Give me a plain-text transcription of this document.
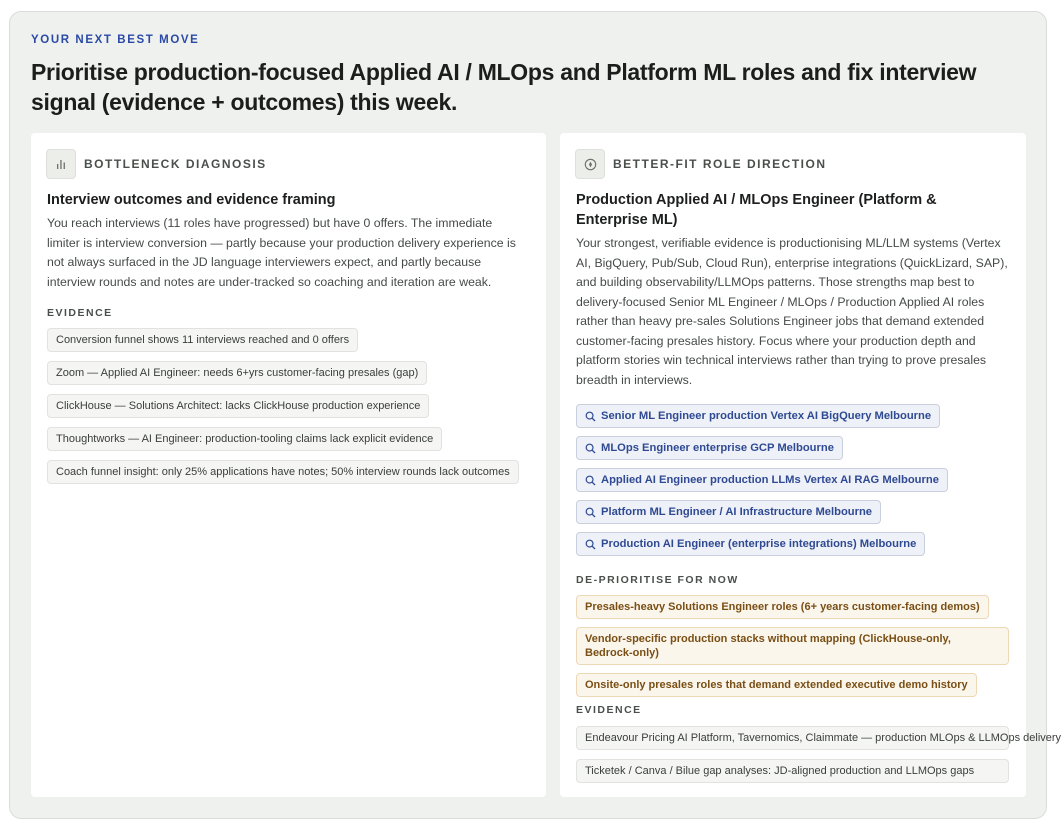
YOUR NEXT BEST MOVE
Prioritise production-focused Applied AI / MLOps and Platform ML roles and fix interview signal (evidence + outcomes) this week.
BOTTLENECK DIAGNOSIS
Interview outcomes and evidence framing
You reach interviews (11 roles have progressed) but have 0 offers. The immediate limiter is interview conversion — partly because your production delivery experience is not always surfaced in the JD language interviewers expect, and partly because interview rounds and notes are under-tracked so coaching and iteration are weak.
EVIDENCE
Conversion funnel shows 11 interviews reached and 0 offers
Zoom — Applied AI Engineer: needs 6+yrs customer-facing presales (gap)
ClickHouse — Solutions Architect: lacks ClickHouse production experience
Thoughtworks — AI Engineer: production-tooling claims lack explicit evidence
Coach funnel insight: only 25% applications have notes; 50% interview rounds lack outcomes
BETTER-FIT ROLE DIRECTION
Production Applied AI / MLOps Engineer (Platform & Enterprise ML)
Your strongest, verifiable evidence is productionising ML/LLM systems (Vertex AI, BigQuery, Pub/Sub, Cloud Run), enterprise integrations (QuickLizard, SAP), and building observability/LLMOps patterns. Those strengths map best to delivery-focused Senior ML Engineer / MLOps / Production Applied AI roles rather than heavy pre-sales Solutions Engineer jobs that demand extended customer-facing presales history. Focus where your production depth and platform stories win technical interviews rather than trying to prove presales breadth in interviews.
Senior ML Engineer production Vertex AI BigQuery Melbourne
MLOps Engineer enterprise GCP Melbourne
Applied AI Engineer production LLMs Vertex AI RAG Melbourne
Platform ML Engineer / AI Infrastructure Melbourne
Production AI Engineer (enterprise integrations) Melbourne
DE-PRIORITISE FOR NOW
Presales-heavy Solutions Engineer roles (6+ years customer-facing demos)
Vendor-specific production stacks without mapping (ClickHouse-only, Bedrock-only)
Onsite-only presales roles that demand extended executive demo history
EVIDENCE
Endeavour Pricing AI Platform, Tavernomics, Claimmate — production MLOps & LLMOps delivery
Ticketek / Canva / Bilue gap analyses: JD-aligned production and LLMOps gaps
